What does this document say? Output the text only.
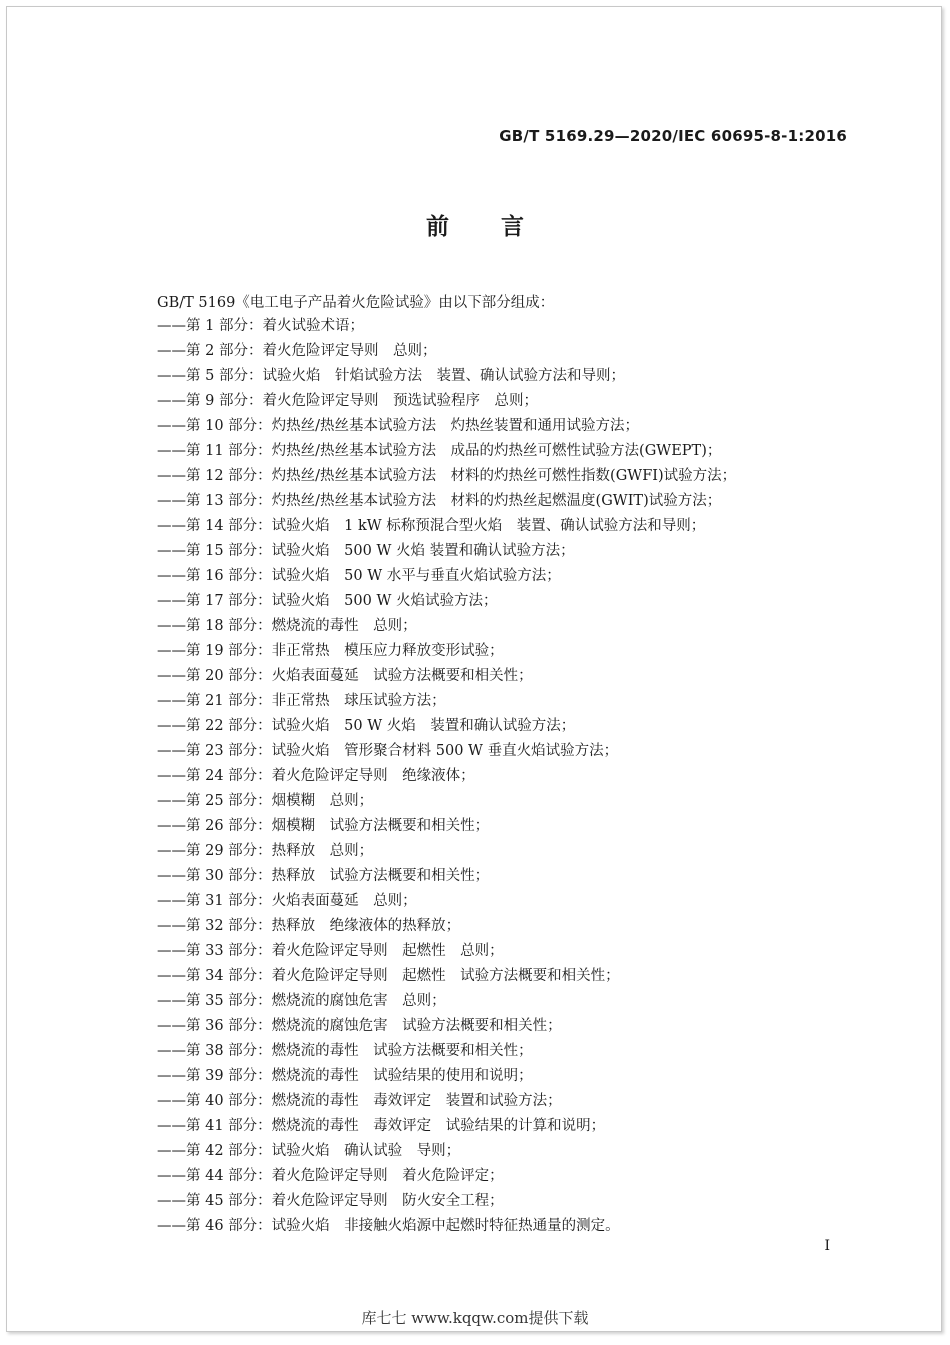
GB/T 5169.29—2020/IEC 60695-8-1:2016
前言
GB/T 5169《电工电子产品着火危险试验》由以下部分组成：
——第 1 部分：着火试验术语；
——第 2 部分：着火危险评定导则　总则；
——第 5 部分：试验火焰　针焰试验方法　装置、确认试验方法和导则；
——第 9 部分：着火危险评定导则　预选试验程序　总则；
——第 10 部分：灼热丝/热丝基本试验方法　灼热丝装置和通用试验方法；
——第 11 部分：灼热丝/热丝基本试验方法　成品的灼热丝可燃性试验方法(GWEPT)；
——第 12 部分：灼热丝/热丝基本试验方法　材料的灼热丝可燃性指数(GWFI)试验方法；
——第 13 部分：灼热丝/热丝基本试验方法　材料的灼热丝起燃温度(GWIT)试验方法；
——第 14 部分：试验火焰　1 kW 标称预混合型火焰　装置、确认试验方法和导则；
——第 15 部分：试验火焰　500 W 火焰 装置和确认试验方法；
——第 16 部分：试验火焰　50 W 水平与垂直火焰试验方法；
——第 17 部分：试验火焰　500 W 火焰试验方法；
——第 18 部分：燃烧流的毒性　总则；
——第 19 部分：非正常热　模压应力释放变形试验；
——第 20 部分：火焰表面蔓延　试验方法概要和相关性；
——第 21 部分：非正常热　球压试验方法；
——第 22 部分：试验火焰　50 W 火焰　装置和确认试验方法；
——第 23 部分：试验火焰　管形聚合材料 500 W 垂直火焰试验方法；
——第 24 部分：着火危险评定导则　绝缘液体；
——第 25 部分：烟模糊　总则；
——第 26 部分：烟模糊　试验方法概要和相关性；
——第 29 部分：热释放　总则；
——第 30 部分：热释放　试验方法概要和相关性；
——第 31 部分：火焰表面蔓延　总则；
——第 32 部分：热释放　绝缘液体的热释放；
——第 33 部分：着火危险评定导则　起燃性　总则；
——第 34 部分：着火危险评定导则　起燃性　试验方法概要和相关性；
——第 35 部分：燃烧流的腐蚀危害　总则；
——第 36 部分：燃烧流的腐蚀危害　试验方法概要和相关性；
——第 38 部分：燃烧流的毒性　试验方法概要和相关性；
——第 39 部分：燃烧流的毒性　试验结果的使用和说明；
——第 40 部分：燃烧流的毒性　毒效评定　装置和试验方法；
——第 41 部分：燃烧流的毒性　毒效评定　试验结果的计算和说明；
——第 42 部分：试验火焰　确认试验　导则；
——第 44 部分：着火危险评定导则　着火危险评定；
——第 45 部分：着火危险评定导则　防火安全工程；
——第 46 部分：试验火焰　非接触火焰源中起燃时特征热通量的测定。
I
库七七 www.kqqw.com提供下载
